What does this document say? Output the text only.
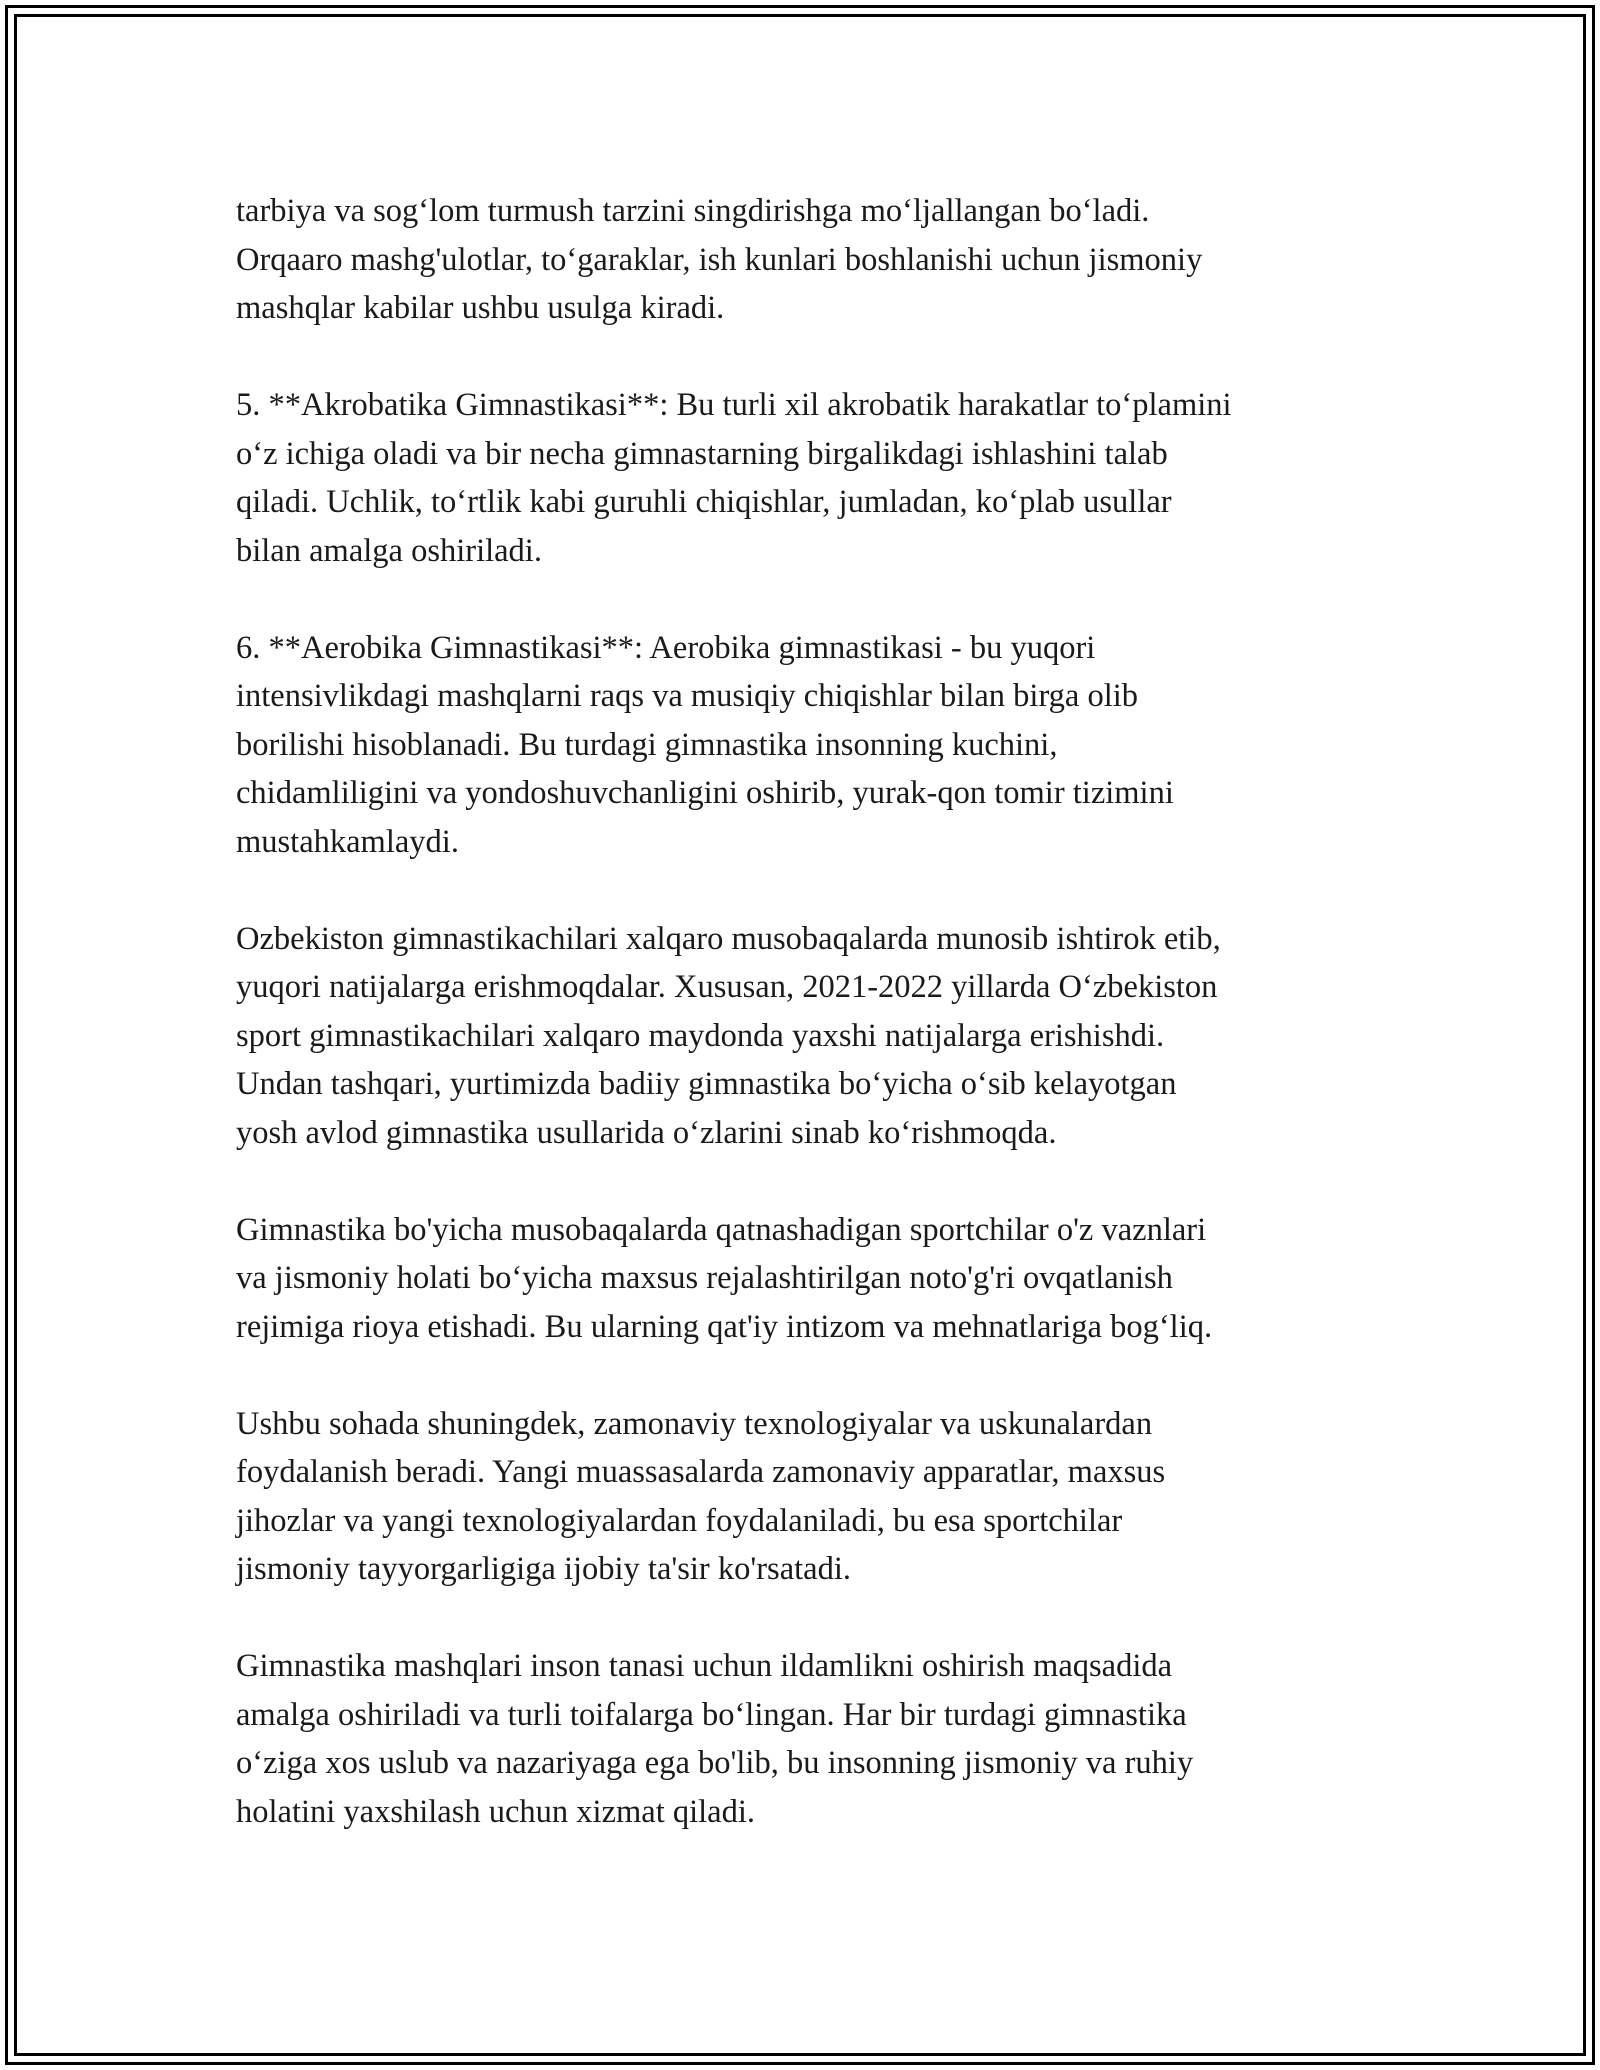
tarbiya va sog‘lom turmush tarzini singdirishga mo‘ljallangan bo‘ladi.
Orqaaro mashg'ulotlar, to‘garaklar, ish kunlari boshlanishi uchun jismoniy
mashqlar kabilar ushbu usulga kiradi.

5. **Akrobatika Gimnastikasi**: Bu turli xil akrobatik harakatlar to‘plamini
o‘z ichiga oladi va bir necha gimnastarning birgalikdagi ishlashini talab
qiladi. Uchlik, to‘rtlik kabi guruhli chiqishlar, jumladan, ko‘plab usullar
bilan amalga oshiriladi.

6. **Aerobika Gimnastikasi**: Aerobika gimnastikasi - bu yuqori
intensivlikdagi mashqlarni raqs va musiqiy chiqishlar bilan birga olib
borilishi hisoblanadi. Bu turdagi gimnastika insonning kuchini,
chidamliligini va yondoshuvchanligini oshirib, yurak-qon tomir tizimini
mustahkamlaydi.

Ozbekiston gimnastikachilari xalqaro musobaqalarda munosib ishtirok etib,
yuqori natijalarga erishmoqdalar. Xususan, 2021-2022 yillarda O‘zbekiston
sport gimnastikachilari xalqaro maydonda yaxshi natijalarga erishishdi.
Undan tashqari, yurtimizda badiiy gimnastika bo‘yicha o‘sib kelayotgan
yosh avlod gimnastika usullarida o‘zlarini sinab ko‘rishmoqda.

Gimnastika bo'yicha musobaqalarda qatnashadigan sportchilar o'z vaznlari
va jismoniy holati bo‘yicha maxsus rejalashtirilgan noto'g'ri ovqatlanish
rejimiga rioya etishadi. Bu ularning qat'iy intizom va mehnatlariga bog‘liq.

Ushbu sohada shuningdek, zamonaviy texnologiyalar va uskunalardan
foydalanish beradi. Yangi muassasalarda zamonaviy apparatlar, maxsus
jihozlar va yangi texnologiyalardan foydalaniladi, bu esa sportchilar
jismoniy tayyorgarligiga ijobiy ta'sir ko'rsatadi.

Gimnastika mashqlari inson tanasi uchun ildamlikni oshirish maqsadida
amalga oshiriladi va turli toifalarga bo‘lingan. Har bir turdagi gimnastika
o‘ziga xos uslub va nazariyaga ega bo'lib, bu insonning jismoniy va ruhiy
holatini yaxshilash uchun xizmat qiladi.
